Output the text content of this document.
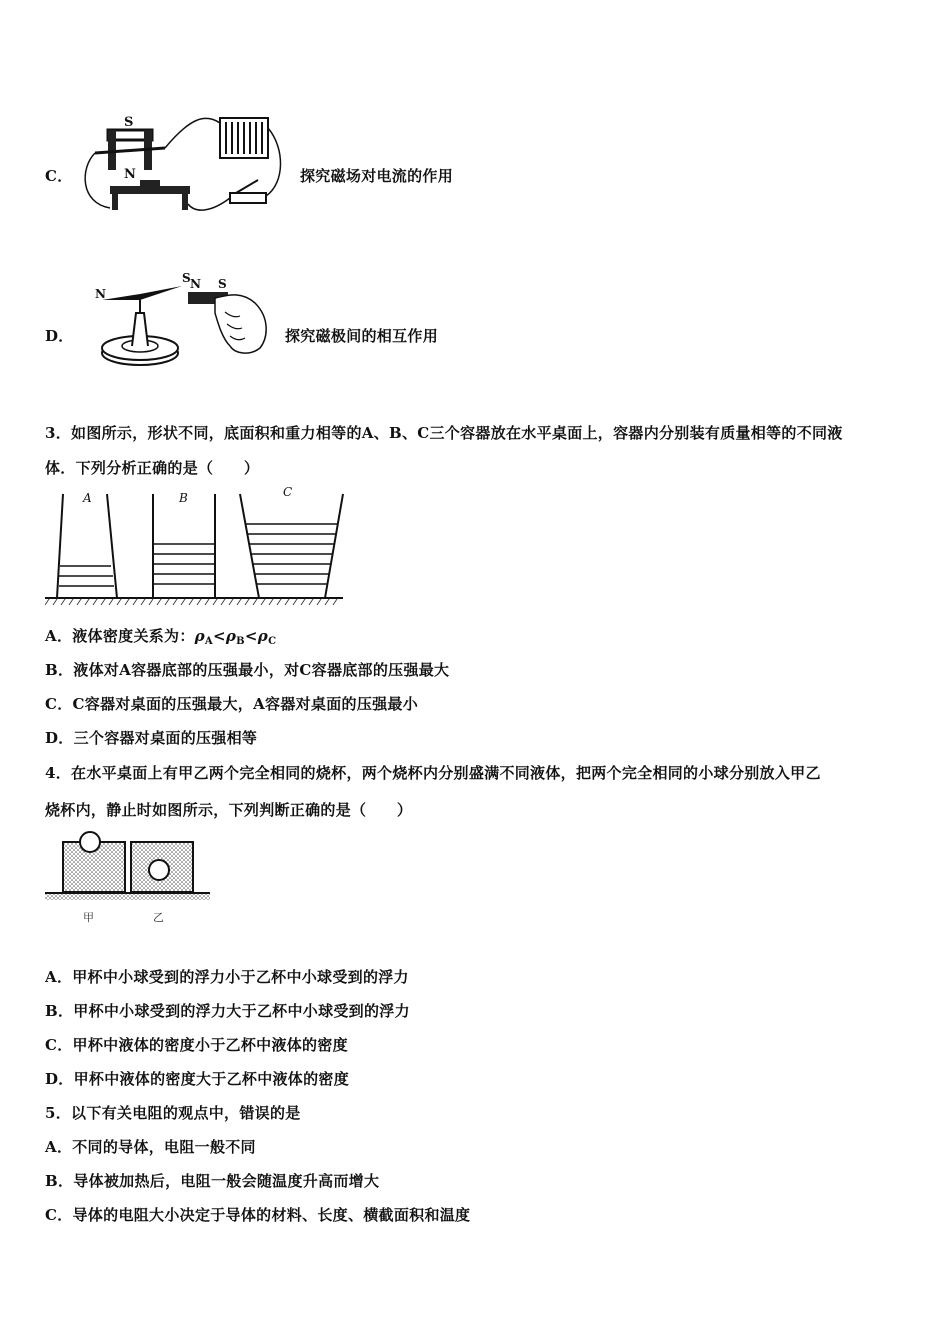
C．
S
N	探究磁场对电流的作用
D．
N
S N S
探究磁极间的相互作用
3．如图所示，形状不同，底面积和重力相等的A、B、C三个容器放在水平桌面上，容器内分别装有质量相等的不同液
体．下列分析正确的是（　　）
A	B	C
A．液体密度关系为：$\rho_A<\rho_B<\rho_C$
B．液体对A容器底部的压强最小，对C容器底部的压强最大
C．C容器对桌面的压强最大，A容器对桌面的压强最小
D．三个容器对桌面的压强相等
4．在水平桌面上有甲乙两个完全相同的烧杯，两个烧杯内分别盛满不同液体，把两个完全相同的小球分别放入甲乙
烧杯内，静止时如图所示，下列判断正确的是（　　）
甲	乙
A．甲杯中小球受到的浮力小于乙杯中小球受到的浮力
B．甲杯中小球受到的浮力大于乙杯中小球受到的浮力
C．甲杯中液体的密度小于乙杯中液体的密度
D．甲杯中液体的密度大于乙杯中液体的密度
5．以下有关电阻的观点中，错误的是
A．不同的导体，电阻一般不同
B．导体被加热后，电阻一般会随温度升高而增大
C．导体的电阻大小决定于导体的材料、长度、横截面积和温度
